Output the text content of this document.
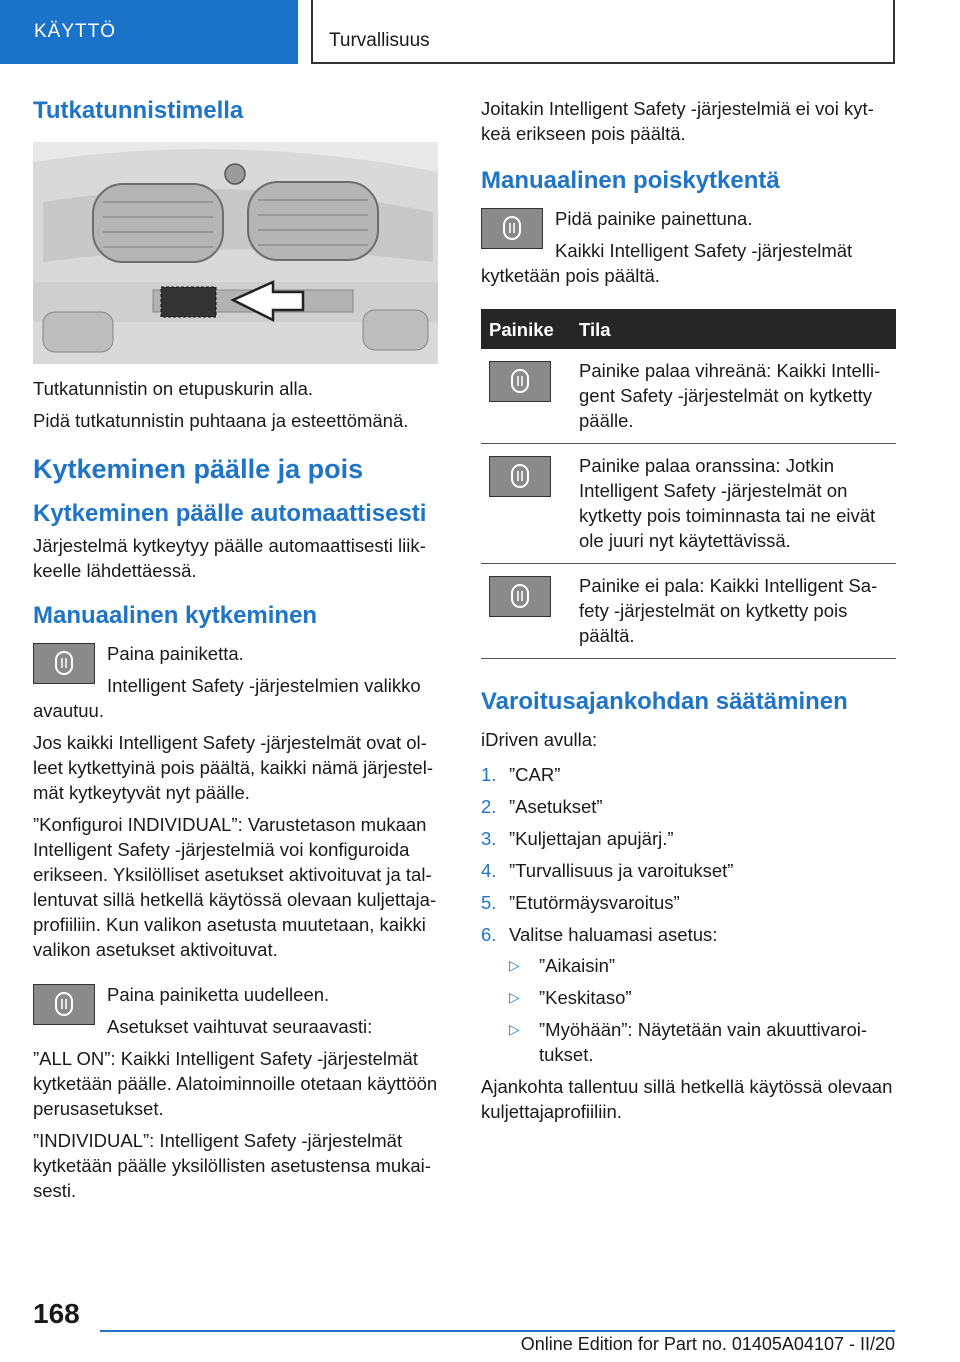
KÄYTTÖ	Turvallisuus
Tutkatunnistimella

Tutkatunnistin on etupuskurin alla.

Pidä tutkatunnistin puhtaana ja esteettömänä.

Kytkeminen päälle ja pois
Kytkeminen päälle automaattisesti

Järjestelmä kytkeytyy päälle automaattisesti liikkeelle lähdettäessä.

Manuaalinen kytkeminen

Paina painiketta.

Intelligent Safety -järjestelmien valikko avautuu.

Jos kaikki Intelligent Safety -järjestelmät ovat olleet kytkettyinä pois päältä, kaikki nämä järjestelmät kytkeytyvät nyt päälle.

”Konfiguroi INDIVIDUAL”: Varustetason mukaan Intelligent Safety -järjestelmiä voi konfiguroida erikseen. Yksilölliset asetukset aktivoituvat ja tallentuvat sillä hetkellä käytössä olevaan kuljettajaprofiiliin. Kun valikon asetusta muutetaan, kaikki valikon asetukset aktivoituvat.

Paina painiketta uudelleen.

Asetukset vaihtuvat seuraavasti:

”ALL ON”: Kaikki Intelligent Safety -järjestelmät kytketään päälle. Alatoiminnoille otetaan käyttöön perusasetukset.

”INDIVIDUAL”: Intelligent Safety -järjestelmät kytketään päälle yksilöllisten asetustensa mukaisesti.

Joitakin Intelligent Safety -järjestelmiä ei voi kytkeä erikseen pois päältä.

Manuaalinen poiskytkentä

Pidä painike painettuna.

Kaikki Intelligent Safety -järjestelmät kytketään pois päältä.

Painike	Tila

	Painike palaa vihreänä: Kaikki Intelligent Safety -järjestelmät on kytketty päälle.

	Painike palaa oranssina: Jotkin Intelligent Safety -järjestelmät on kytketty pois toiminnasta tai ne eivät ole juuri nyt käytettävissä.

	Painike ei pala: Kaikki Intelligent Safety -järjestelmät on kytketty pois päältä.
Varoitusajankohdan säätäminen

iDriven avulla:

1. ”CAR”
2. ”Asetukset”
3. ”Kuljettajan apujärj.”
4. ”Turvallisuus ja varoitukset”
5. ”Etutörmäysvaroitus”
6. Valitse haluamasi asetus:
▷ ”Aikaisin”
▷ ”Keskitaso”
▷ ”Myöhään”: Näytetään vain akuuttivaroitukset.

Ajankohta tallentuu sillä hetkellä käytössä olevaan kuljettajaprofiiliin.

168
Online Edition for Part no. 01405A04107 - II/20
